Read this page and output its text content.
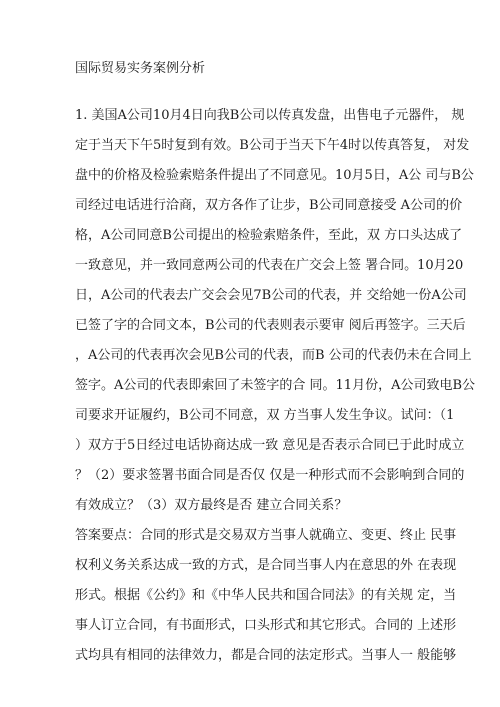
国际贸易实务案例分析
1. 美国A公司10月4日向我B公司以传真发盘，出售电子元器件， 规
定于当天下午5时复到有效。B公司于当天下午4时以传真答复， 对发
盘中的价格及检验索赔条件提出了不同意见。10月5日，A公 司与B公
司经过电话进行洽商，双方各作了让步，B公司同意接受 A公司的价
格，A公司同意B公司提出的检验索赔条件，至此，双 方口头达成了
一致意见，并一致同意两公司的代表在广交会上签 署合同。10月20
日，A公司的代表去广交会会见7B公司的代表，并 交给她一份A公司
已签了字的合同文本，B公司的代表则表示要审 阅后再签字。三天后
，A公司的代表再次会见B公司的代表，而B 公司的代表仍未在合同上
签字。A公司的代表即索回了未签字的合 同。11月份，A公司致电B公
司要求开证履约，B公司不同意，双 方当事人发生争议。试问：（1
）双方于5日经过电话协商达成一致 意见是否表示合同已于此时成立
？（2）要求签署书面合同是否仅 仅是一种形式而不会影响到合同的
有效成立？（3）双方最终是否 建立合同关系？
答案要点：合同的形式是交易双方当事人就确立、变更、终止 民事
权利义务关系达成一致的方式，是合同当事人内在意思的外 在表现
形式。根据《公约》和《中华人民共和国合同法》的有关规 定，当
事人订立合同，有书面形式，口头形式和其它形式。合同的 上述形
式均具有相同的法律效力，都是合同的法定形式。当事人一 般能够
